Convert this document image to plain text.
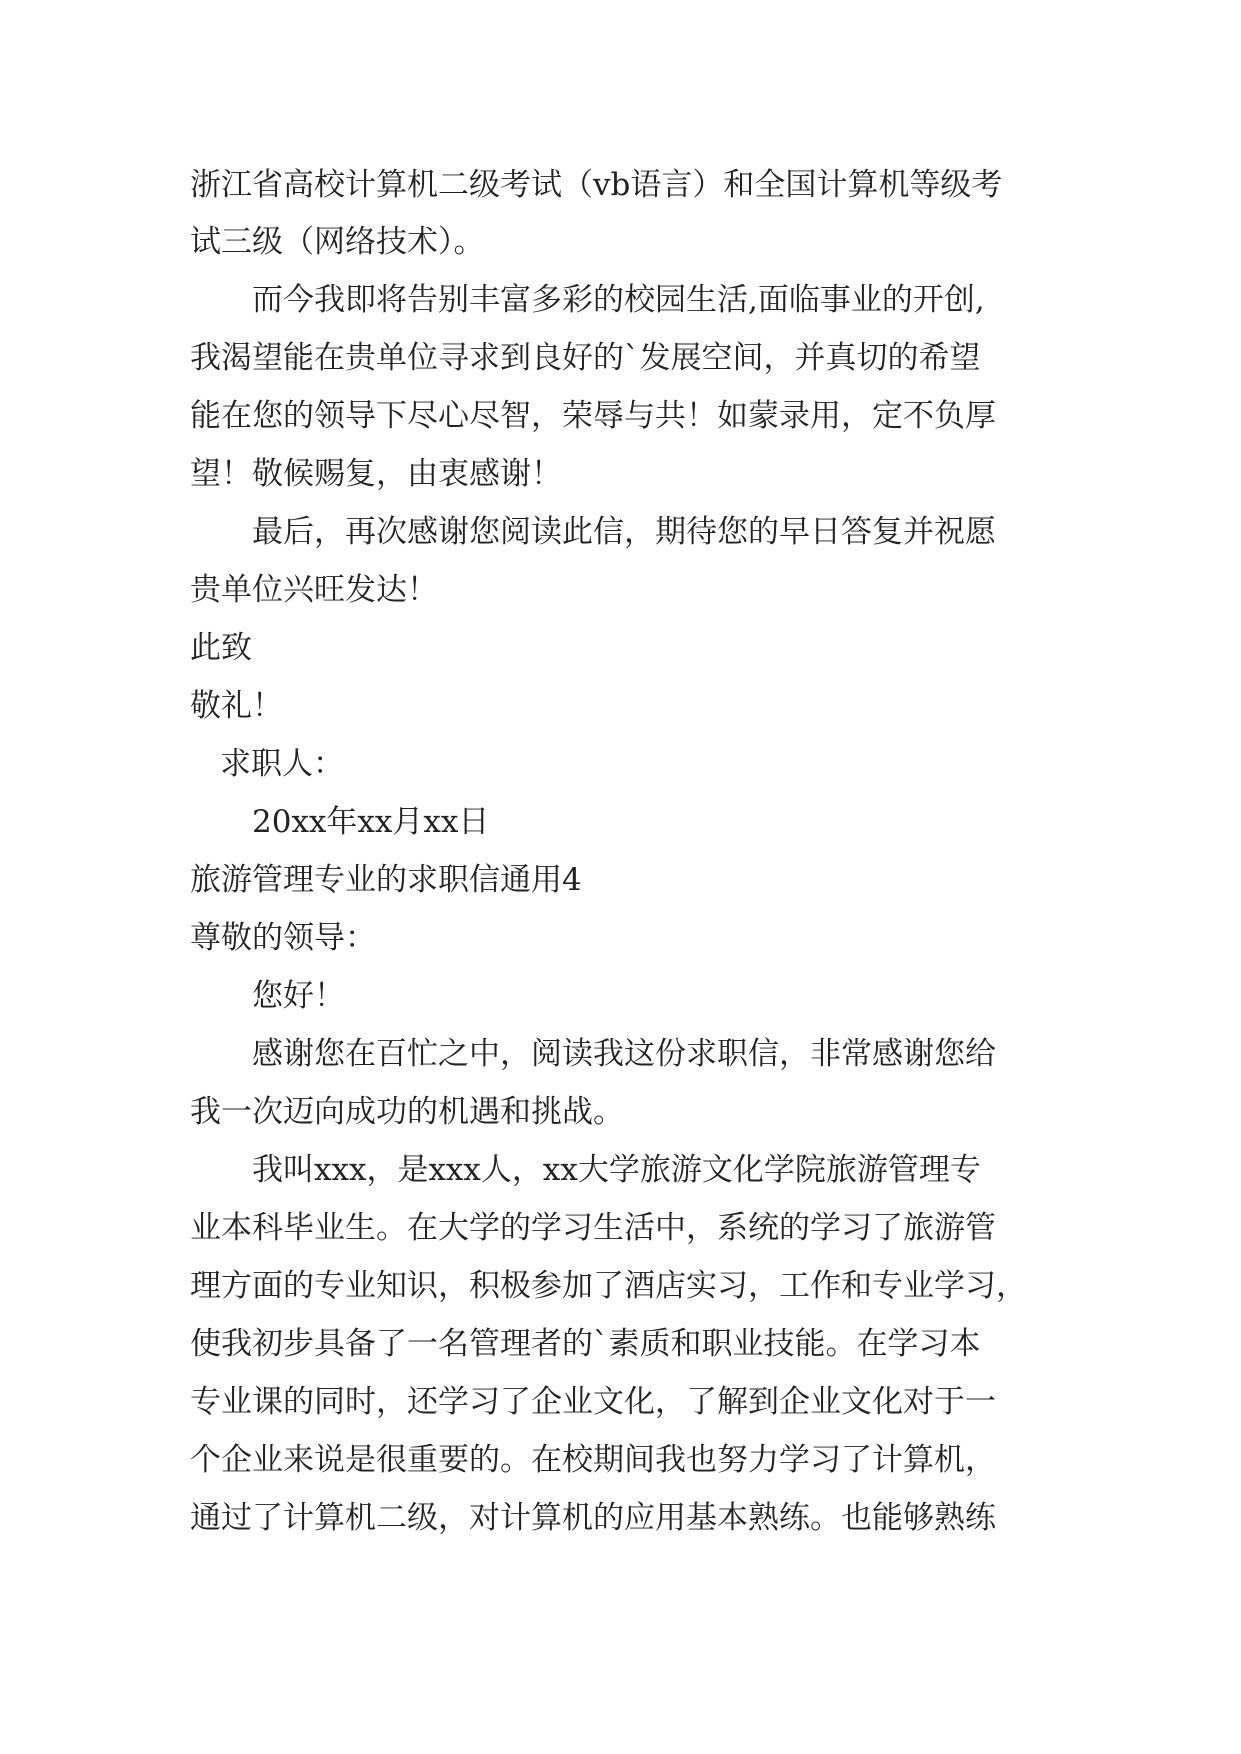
浙江省高校计算机二级考试（vb语言）和全国计算机等级考
试三级（网络技术）。
而今我即将告别丰富多彩的校园生活,面临事业的开创,
我渴望能在贵单位寻求到良好的`发展空间，并真切的希望
能在您的领导下尽心尽智，荣辱与共！如蒙录用，定不负厚
望！敬候赐复，由衷感谢！
最后，再次感谢您阅读此信，期待您的早日答复并祝愿
贵单位兴旺发达！
此致
敬礼！
求职人：
20xx年xx月xx日
旅游管理专业的求职信通用4
尊敬的领导：
您好！
感谢您在百忙之中，阅读我这份求职信，非常感谢您给
我一次迈向成功的机遇和挑战。
我叫xxx，是xxx人，xx大学旅游文化学院旅游管理专
业本科毕业生。在大学的学习生活中，系统的学习了旅游管
理方面的专业知识，积极参加了酒店实习，工作和专业学习，
使我初步具备了一名管理者的`素质和职业技能。在学习本
专业课的同时，还学习了企业文化，了解到企业文化对于一
个企业来说是很重要的。在校期间我也努力学习了计算机，
通过了计算机二级，对计算机的应用基本熟练。也能够熟练
